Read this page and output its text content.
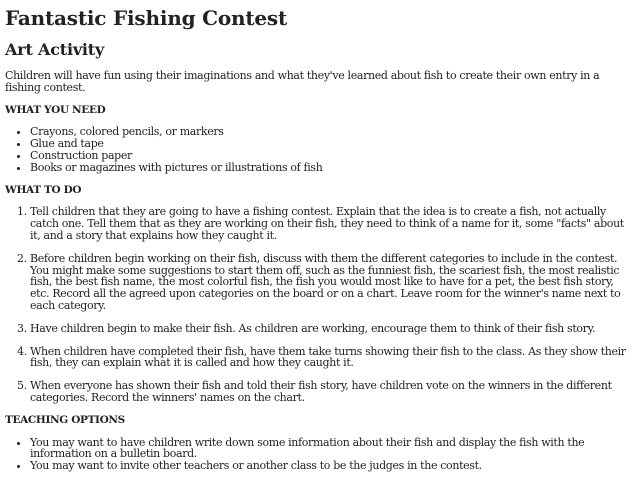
Fantastic Fishing Contest
Art Activity

Children will have fun using their imaginations and what they've learned about fish to create their own entry in a fishing contest.

WHAT YOU NEED
• Crayons, colored pencils, or markers
• Glue and tape
• Construction paper
• Books or magazines with pictures or illustrations of fish
WHAT TO DO
1. Tell children that they are going to have a fishing contest. Explain that the idea is to create a fish, not actually catch one. Tell them that as they are working on their fish, they need to think of a name for it, some "facts" about it, and a story that explains how they caught it.
2. Before children begin working on their fish, discuss with them the different categories to include in the contest. You might make some suggestions to start them off, such as the funniest fish, the scariest fish, the most realistic fish, the best fish name, the most colorful fish, the fish you would most like to have for a pet, the best fish story, etc. Record all the agreed upon categories on the board or on a chart. Leave room for the winner's name next to each category.
3. Have children begin to make their fish. As children are working, encourage them to think of their fish story.
4. When children have completed their fish, have them take turns showing their fish to the class. As they show their fish, they can explain what it is called and how they caught it.
5. When everyone has shown their fish and told their fish story, have children vote on the winners in the different categories. Record the winners' names on the chart.
TEACHING OPTIONS
• You may want to have children write down some information about their fish and display the fish with the information on a bulletin board.
• You may want to invite other teachers or another class to be the judges in the contest.
